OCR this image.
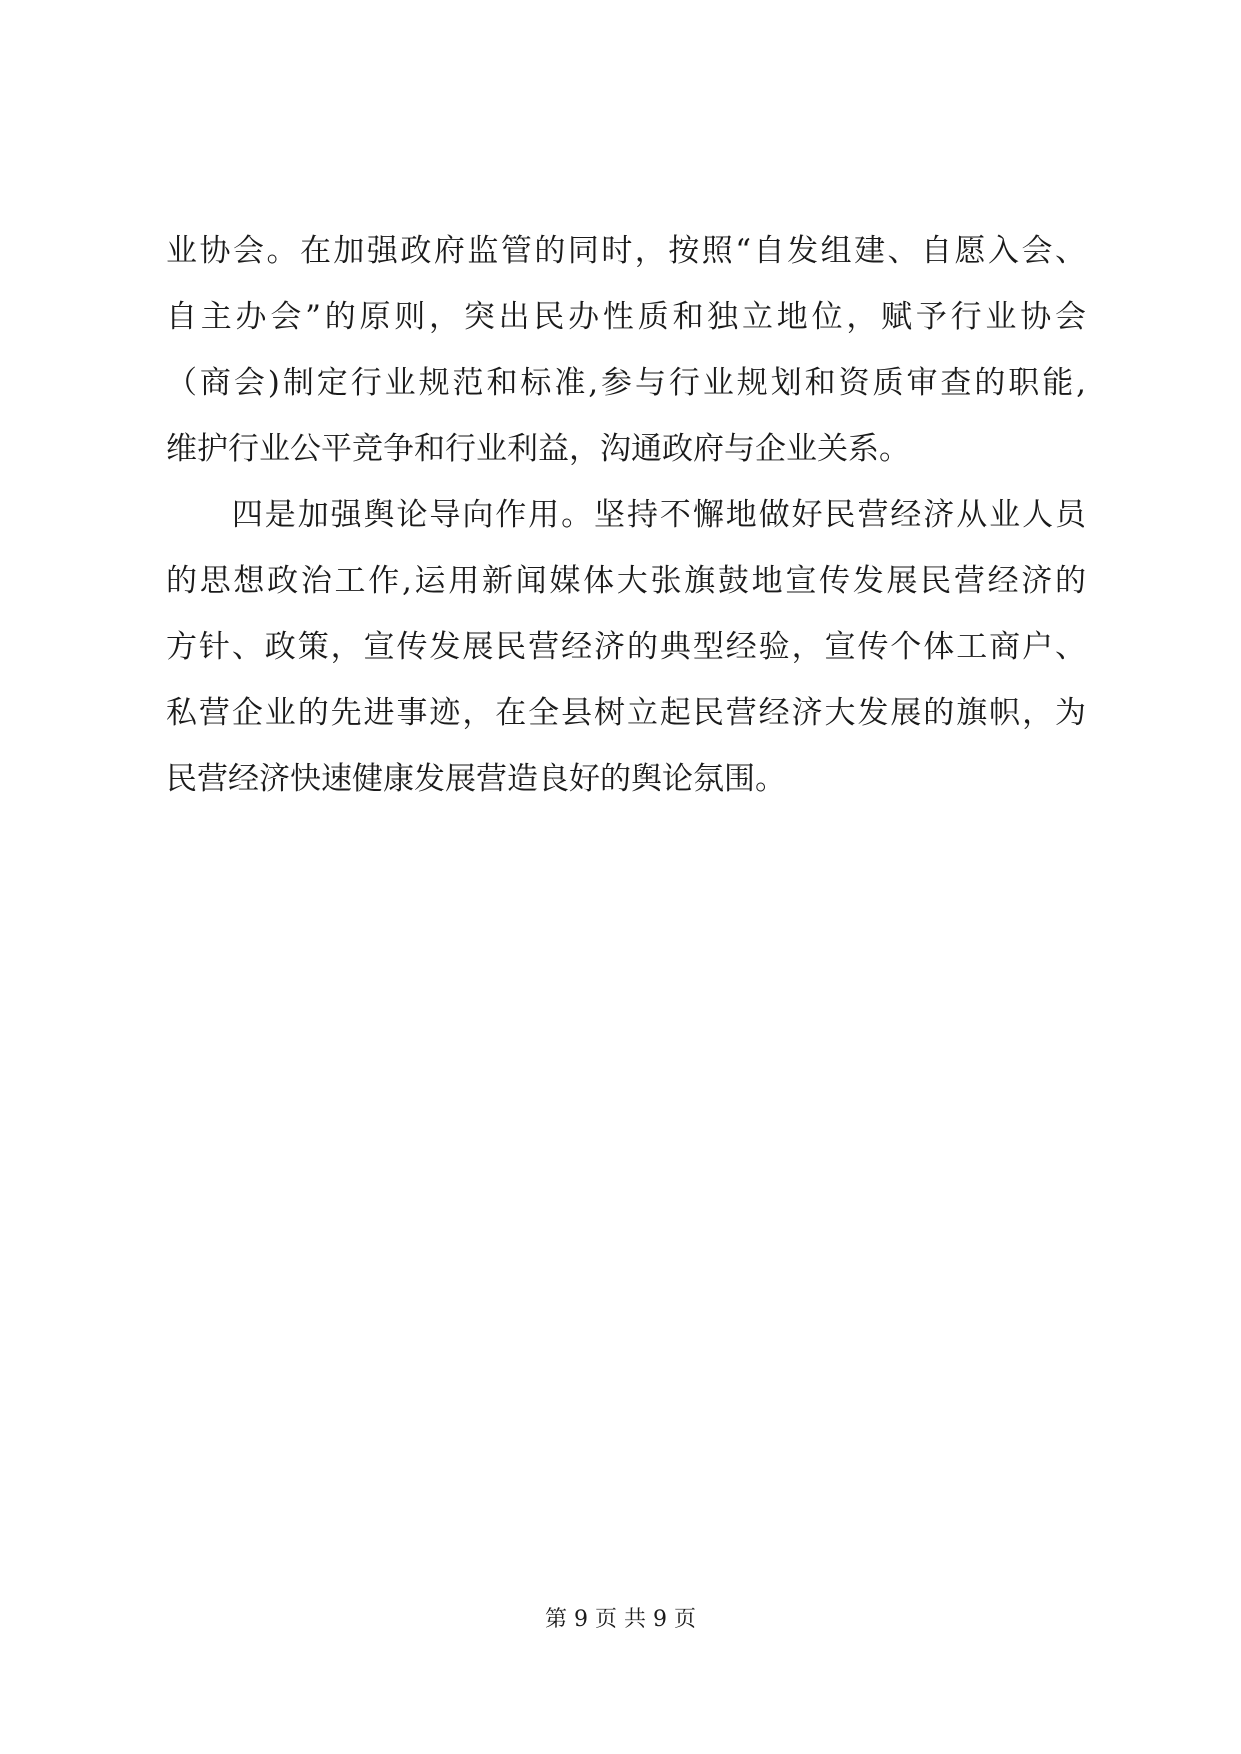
业协会。在加强政府监管的同时，按照“自发组建、自愿入会、
自主办会”的原则，突出民办性质和独立地位，赋予行业协会
（商会)制定行业规范和标准,参与行业规划和资质审查的职能,
维护行业公平竞争和行业利益，沟通政府与企业关系。
　　四是加强舆论导向作用。坚持不懈地做好民营经济从业人员
的思想政治工作,运用新闻媒体大张旗鼓地宣传发展民营经济的
方针、政策，宣传发展民营经济的典型经验，宣传个体工商户、
私营企业的先进事迹，在全县树立起民营经济大发展的旗帜，为
民营经济快速健康发展营造良好的舆论氛围。
第 9 页 共 9 页
